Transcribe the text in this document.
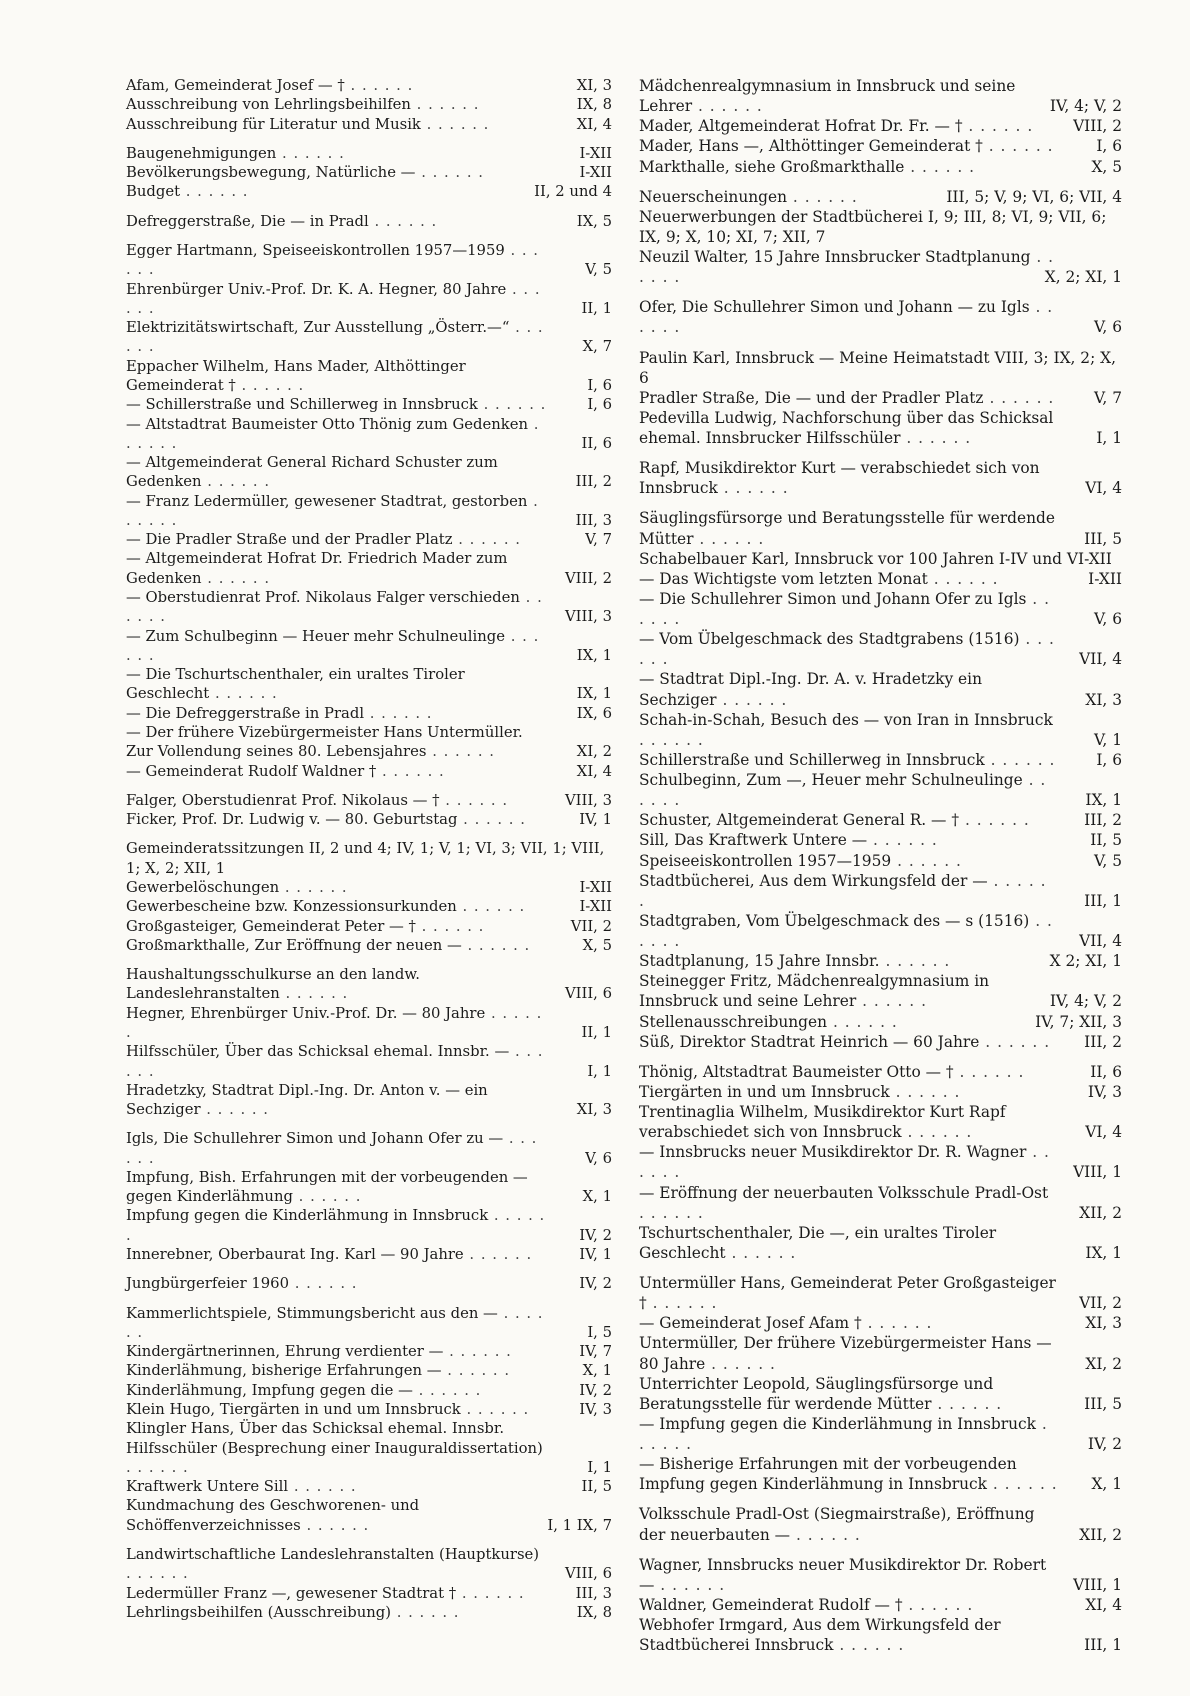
Afam, Gemeinderat Josef — † . . . . . .	XI, 3
Ausschreibung von Lehrlingsbeihilfen . . . . . .	IX, 8
Ausschreibung für Literatur und Musik . . . . . .	XI, 4
Baugenehmigungen . . . . . .	I-XII
Bevölkerungsbewegung, Natürliche — . . . . . .	I-XII
Budget . . . . . .	II, 2 und 4
Defreggerstraße, Die — in Pradl . . . . . .	IX, 5
Egger Hartmann, Speiseeiskontrollen 1957—1959 . . . . . .	V, 5
Ehrenbürger Univ.-Prof. Dr. K. A. Hegner, 80 Jahre . . . . . .	II, 1
Elektrizitätswirtschaft, Zur Ausstellung „Österr.—“ . . . . . .	X, 7
Eppacher Wilhelm, Hans Mader, Althöttinger Gemeinderat † . . . . . .	I, 6
— Schillerstraße und Schillerweg in Innsbruck . . . . . .	I, 6
— Altstadtrat Baumeister Otto Thönig zum Gedenken . . . . . .	II, 6
— Altgemeinderat General Richard Schuster zum Gedenken . . . . . .	III, 2
— Franz Ledermüller, gewesener Stadtrat, gestorben . . . . . .	III, 3
— Die Pradler Straße und der Pradler Platz . . . . . .	V, 7
— Altgemeinderat Hofrat Dr. Friedrich Mader zum Gedenken . . . . . .	VIII, 2
— Oberstudienrat Prof. Nikolaus Falger verschieden . . . . . .	VIII, 3
— Zum Schulbeginn — Heuer mehr Schulneulinge . . . . . .	IX, 1
— Die Tschurtschenthaler, ein uraltes Tiroler Geschlecht . . . . . .	IX, 1
— Die Defreggerstraße in Pradl . . . . . .	IX, 6
— Der frühere Vizebürgermeister Hans Untermüller. Zur Vollendung seines 80. Lebensjahres . . . . . .	XI, 2
— Gemeinderat Rudolf Waldner † . . . . . .	XI, 4
Falger, Oberstudienrat Prof. Nikolaus — † . . . . . .	VIII, 3
Ficker, Prof. Dr. Ludwig v. — 80. Geburtstag . . . . . .	IV, 1
Gemeinderatssitzungen II, 2 und 4; IV, 1; V, 1; VI, 3; VII, 1; VIII, 1; X, 2; XII, 1
Gewerbelöschungen . . . . . .	I-XII
Gewerbescheine bzw. Konzessionsurkunden . . . . . .	I-XII
Großgasteiger, Gemeinderat Peter — † . . . . . .	VII, 2
Großmarkthalle, Zur Eröffnung der neuen — . . . . . .	X, 5
Haushaltungsschulkurse an den landw. Landeslehranstalten . . . . . .	VIII, 6
Hegner, Ehrenbürger Univ.-Prof. Dr. — 80 Jahre . . . . . .	II, 1
Hilfsschüler, Über das Schicksal ehemal. Innsbr. — . . . . . .	I, 1
Hradetzky, Stadtrat Dipl.-Ing. Dr. Anton v. — ein Sechziger . . . . . .	XI, 3
Igls, Die Schullehrer Simon und Johann Ofer zu — . . . . . .	V, 6
Impfung, Bish. Erfahrungen mit der vorbeugenden — gegen Kinderlähmung . . . . . .	X, 1
Impfung gegen die Kinderlähmung in Innsbruck . . . . . .	IV, 2
Innerebner, Oberbaurat Ing. Karl — 90 Jahre . . . . . .	IV, 1
Jungbürgerfeier 1960 . . . . . .	IV, 2
Kammerlichtspiele, Stimmungsbericht aus den — . . . . . .	I, 5
Kindergärtnerinnen, Ehrung verdienter — . . . . . .	IV, 7
Kinderlähmung, bisherige Erfahrungen — . . . . . .	X, 1
Kinderlähmung, Impfung gegen die — . . . . . .	IV, 2
Klein Hugo, Tiergärten in und um Innsbruck . . . . . .	IV, 3
Klingler Hans, Über das Schicksal ehemal. Innsbr. Hilfsschüler (Besprechung einer Inauguraldissertation) . . . . . .	I, 1
Kraftwerk Untere Sill . . . . . .	II, 5
Kundmachung des Geschworenen- und Schöffenverzeichnisses . . . . . .	I, 1 IX, 7
Landwirtschaftliche Landeslehranstalten (Hauptkurse) . . . . . .	VIII, 6
Ledermüller Franz —, gewesener Stadtrat † . . . . . .	III, 3
Lehrlingsbeihilfen (Ausschreibung) . . . . . .	IX, 8
Mädchenrealgymnasium in Innsbruck und seine Lehrer . . . . . .	IV, 4; V, 2
Mader, Altgemeinderat Hofrat Dr. Fr. — † . . . . . .	VIII, 2
Mader, Hans —, Althöttinger Gemeinderat † . . . . . .	I, 6
Markthalle, siehe Großmarkthalle . . . . . .	X, 5
Neuerscheinungen . . . . . .	III, 5; V, 9; VI, 6; VII, 4
Neuerwerbungen der Stadtbücherei I, 9; III, 8; VI, 9; VII, 6; IX, 9; X, 10; XI, 7; XII, 7
Neuzil Walter, 15 Jahre Innsbrucker Stadtplanung . . . . . .	X, 2; XI, 1
Ofer, Die Schullehrer Simon und Johann — zu Igls . . . . . .	V, 6
Paulin Karl, Innsbruck — Meine Heimatstadt VIII, 3; IX, 2; X, 6
Pradler Straße, Die — und der Pradler Platz . . . . . .	V, 7
Pedevilla Ludwig, Nachforschung über das Schicksal ehemal. Innsbrucker Hilfsschüler . . . . . .	I, 1
Rapf, Musikdirektor Kurt — verabschiedet sich von Innsbruck . . . . . .	VI, 4
Säuglingsfürsorge und Beratungsstelle für werdende Mütter . . . . . .	III, 5
Schabelbauer Karl, Innsbruck vor 100 Jahren I-IV und VI-XII
— Das Wichtigste vom letzten Monat . . . . . .	I-XII
— Die Schullehrer Simon und Johann Ofer zu Igls . . . . . .	V, 6
— Vom Übelgeschmack des Stadtgrabens (1516) . . . . . .	VII, 4
— Stadtrat Dipl.-Ing. Dr. A. v. Hradetzky ein Sechziger . . . . . .	XI, 3
Schah-in-Schah, Besuch des — von Iran in Innsbruck . . . . . .	V, 1
Schillerstraße und Schillerweg in Innsbruck . . . . . .	I, 6
Schulbeginn, Zum —, Heuer mehr Schulneulinge . . . . . .	IX, 1
Schuster, Altgemeinderat General R. — † . . . . . .	III, 2
Sill, Das Kraftwerk Untere — . . . . . .	II, 5
Speiseeiskontrollen 1957—1959 . . . . . .	V, 5
Stadtbücherei, Aus dem Wirkungsfeld der — . . . . . .	III, 1
Stadtgraben, Vom Übelgeschmack des — s (1516) . . . . . .	VII, 4
Stadtplanung, 15 Jahre Innsbr. . . . . . .	X 2; XI, 1
Steinegger Fritz, Mädchenrealgymnasium in Innsbruck und seine Lehrer . . . . . .	IV, 4; V, 2
Stellenausschreibungen . . . . . .	IV, 7; XII, 3
Süß, Direktor Stadtrat Heinrich — 60 Jahre . . . . . . III, 2
Thönig, Altstadtrat Baumeister Otto — † . . . . . .	II, 6
Tiergärten in und um Innsbruck . . . . . .	IV, 3
Trentinaglia Wilhelm, Musikdirektor Kurt Rapf verabschiedet sich von Innsbruck . . . . . .	VI, 4
— Innsbrucks neuer Musikdirektor Dr. R. Wagner . . . . . .	VIII, 1
— Eröffnung der neuerbauten Volksschule Pradl-Ost . . . . . .	XII, 2
Tschurtschenthaler, Die —, ein uraltes Tiroler Geschlecht . . . . . .	IX, 1
Untermüller Hans, Gemeinderat Peter Großgasteiger † . . . . . .	VII, 2
— Gemeinderat Josef Afam † . . . . . .	XI, 3
Untermüller, Der frühere Vizebürgermeister Hans — 80 Jahre . . . . . .	XI, 2
Unterrichter Leopold, Säuglingsfürsorge und Beratungsstelle für werdende Mütter . . . . . .	III, 5
— Impfung gegen die Kinderlähmung in Innsbruck . . . . . .	IV, 2
— Bisherige Erfahrungen mit der vorbeugenden Impfung gegen Kinderlähmung in Innsbruck . . . . . . X, 1
Volksschule Pradl-Ost (Siegmairstraße), Eröffnung der neuerbauten — . . . . . .	XII, 2
Wagner, Innsbrucks neuer Musikdirektor Dr. Robert — . . . . . .	VIII, 1
Waldner, Gemeinderat Rudolf — † . . . . . .	XI, 4
Webhofer Irmgard, Aus dem Wirkungsfeld der Stadtbücherei Innsbruck . . . . . .	III, 1
